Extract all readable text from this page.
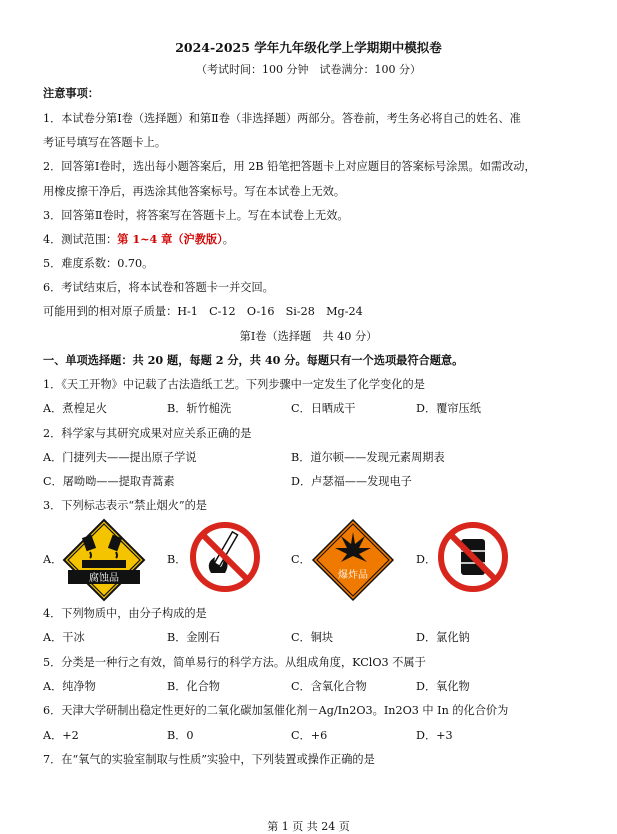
2024-2025 学年九年级化学上学期期中模拟卷
（考试时间：100 分钟　试卷满分：100 分）
注意事项：
1．本试卷分第Ⅰ卷（选择题）和第Ⅱ卷（非选择题）两部分。答卷前，考生务必将自己的姓名、准
考证号填写在答题卡上。
2．回答第Ⅰ卷时，选出每小题答案后，用 2B 铅笔把答题卡上对应题目的答案标号涂黑。如需改动，
用橡皮擦干净后，再选涂其他答案标号。写在本试卷上无效。
3．回答第Ⅱ卷时，将答案写在答题卡上。写在本试卷上无效。
4．测试范围：第 1~4 章（沪教版）。
5．难度系数：0.70。
6．考试结束后，将本试卷和答题卡一并交回。
可能用到的相对原子质量：H-1　C-12　O-16　Si-28　Mg-24
第Ⅰ卷（选择题　共 40 分）
一、单项选择题：共 20 题，每题 2 分，共 40 分。每题只有一个选项最符合题意。
1．《天工开物》中记载了古法造纸工艺。下列步骤中一定发生了化学变化的是
A．煮楻足火	B．斩竹槌洗	C．日晒成干	D．覆帘压纸
2．科学家与其研究成果对应关系正确的是
A．门捷列夫——提出原子学说	B．道尔顿——发现元素周期表
C．屠呦呦——提取青蒿素	D．卢瑟福——发现电子
3．下列标志表示“禁止烟火”的是
A．	B．	C．	D．
腐蚀品	爆炸品
4．下列物质中，由分子构成的是
A．干冰	B．金刚石	C．铜块	D．氯化钠
5．分类是一种行之有效，简单易行的科学方法。从组成角度，KClO3 不属于
A．纯净物	B．化合物	C．含氧化合物	D．氧化物
6．天津大学研制出稳定性更好的二氧化碳加氢催化剂－Ag/In2O3。In2O3 中 In 的化合价为
A．+2	B．0	C．+6	D．+3
7．在“氧气的实验室制取与性质”实验中，下列装置或操作正确的是
第 1 页 共 24 页
